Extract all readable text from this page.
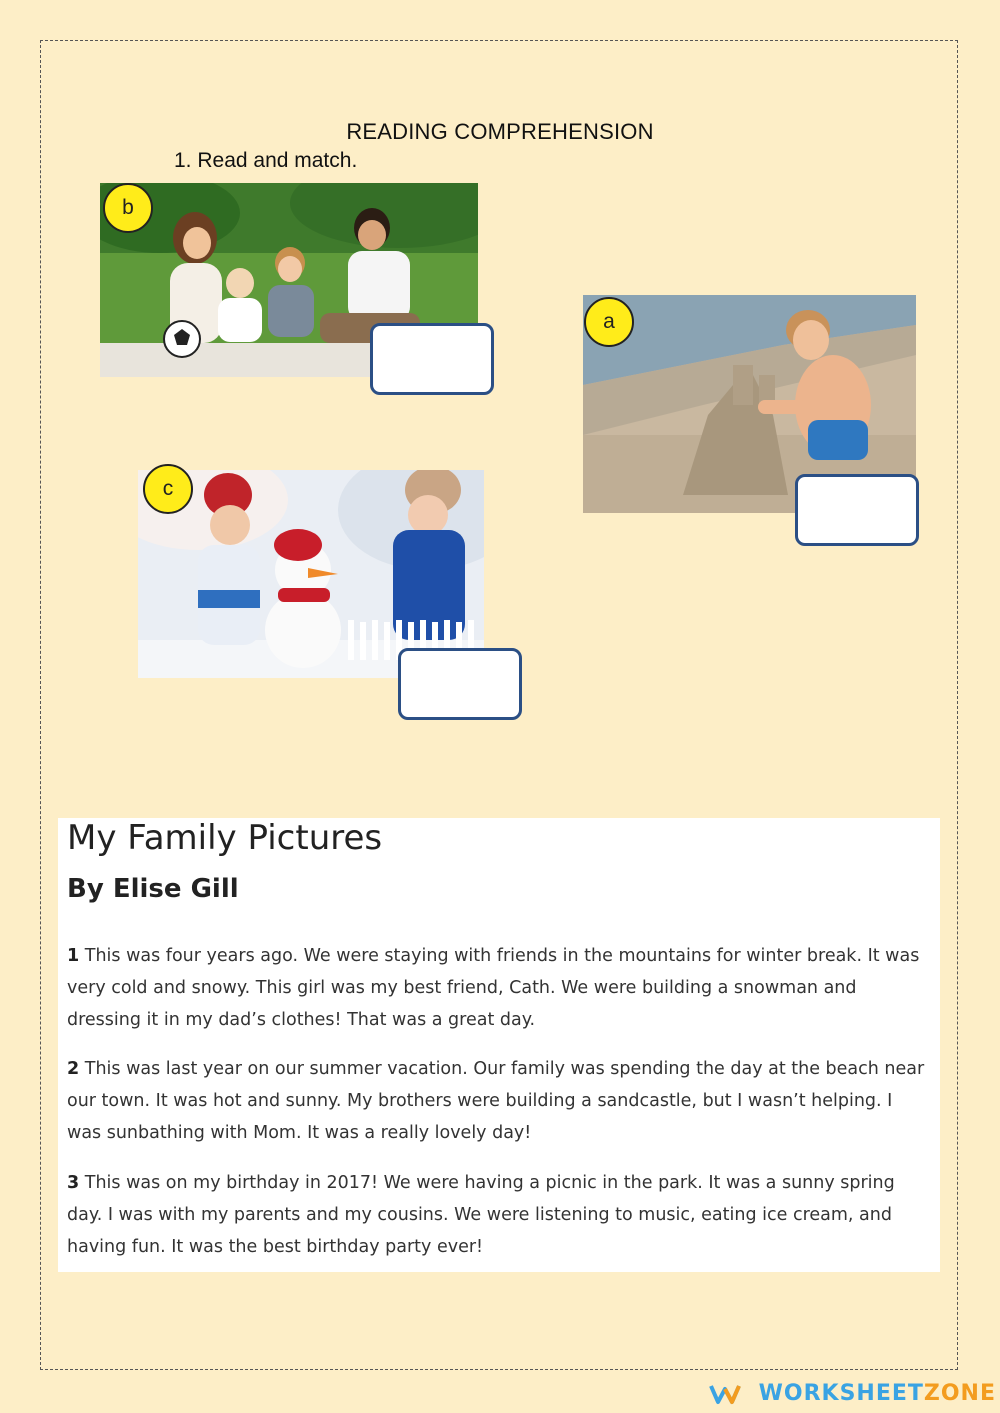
READING COMPREHENSION
1. Read and match.
b
a
c
My Family Pictures
By Elise Gill

1 This was four years ago. We were staying with friends in the mountains for winter break. It was very cold and snowy. This girl was my best friend, Cath. We were building a snowman and dressing it in my dad’s clothes! That was a great day.

2 This was last year on our summer vacation. Our family was spending the day at the beach near our town. It was hot and sunny. My brothers were building a sandcastle, but I wasn’t helping. I was sunbathing with Mom. It was a really lovely day!

3 This was on my birthday in 2017! We were having a picnic in the park. It was a sunny spring day. I was with my parents and my cousins. We were listening to music, eating ice cream, and having fun. It was the best birthday party ever!

WORKSHEET ZONE
